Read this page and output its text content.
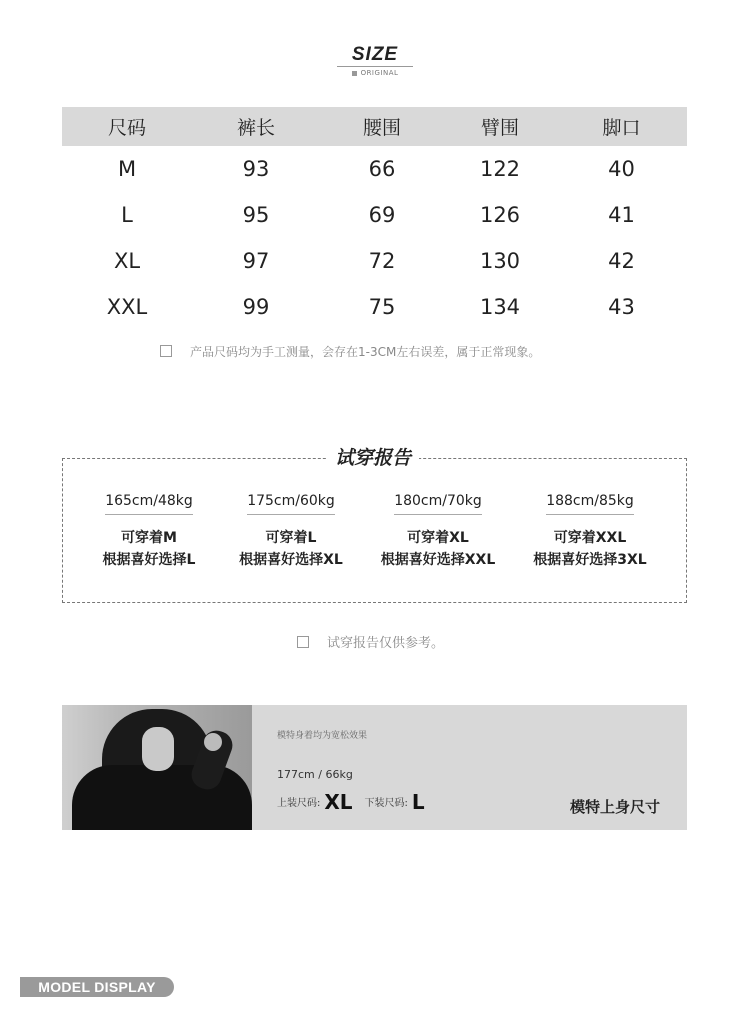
SIZE
ORIGINAL
尺码	裤长	腰围	臂围	脚口
M	93	66	122	40
L	95	69	126	41
XL	97	72	130	42
XXL	99	75	134	43
产品尺码均为手工测量，会存在1-3CM左右误差，属于正常现象。
试穿报告
165cm/48kg
可穿着M
根据喜好选择L
175cm/60kg
可穿着L
根据喜好选择XL
180cm/70kg
可穿着XL
根据喜好选择XXL
188cm/85kg
可穿着XXL
根据喜好选择3XL
试穿报告仅供参考。
模特身着均为宽松效果
177cm / 66kg
上装尺码: XL 下装尺码: L	模特上身尺寸
MODEL DISPLAY
